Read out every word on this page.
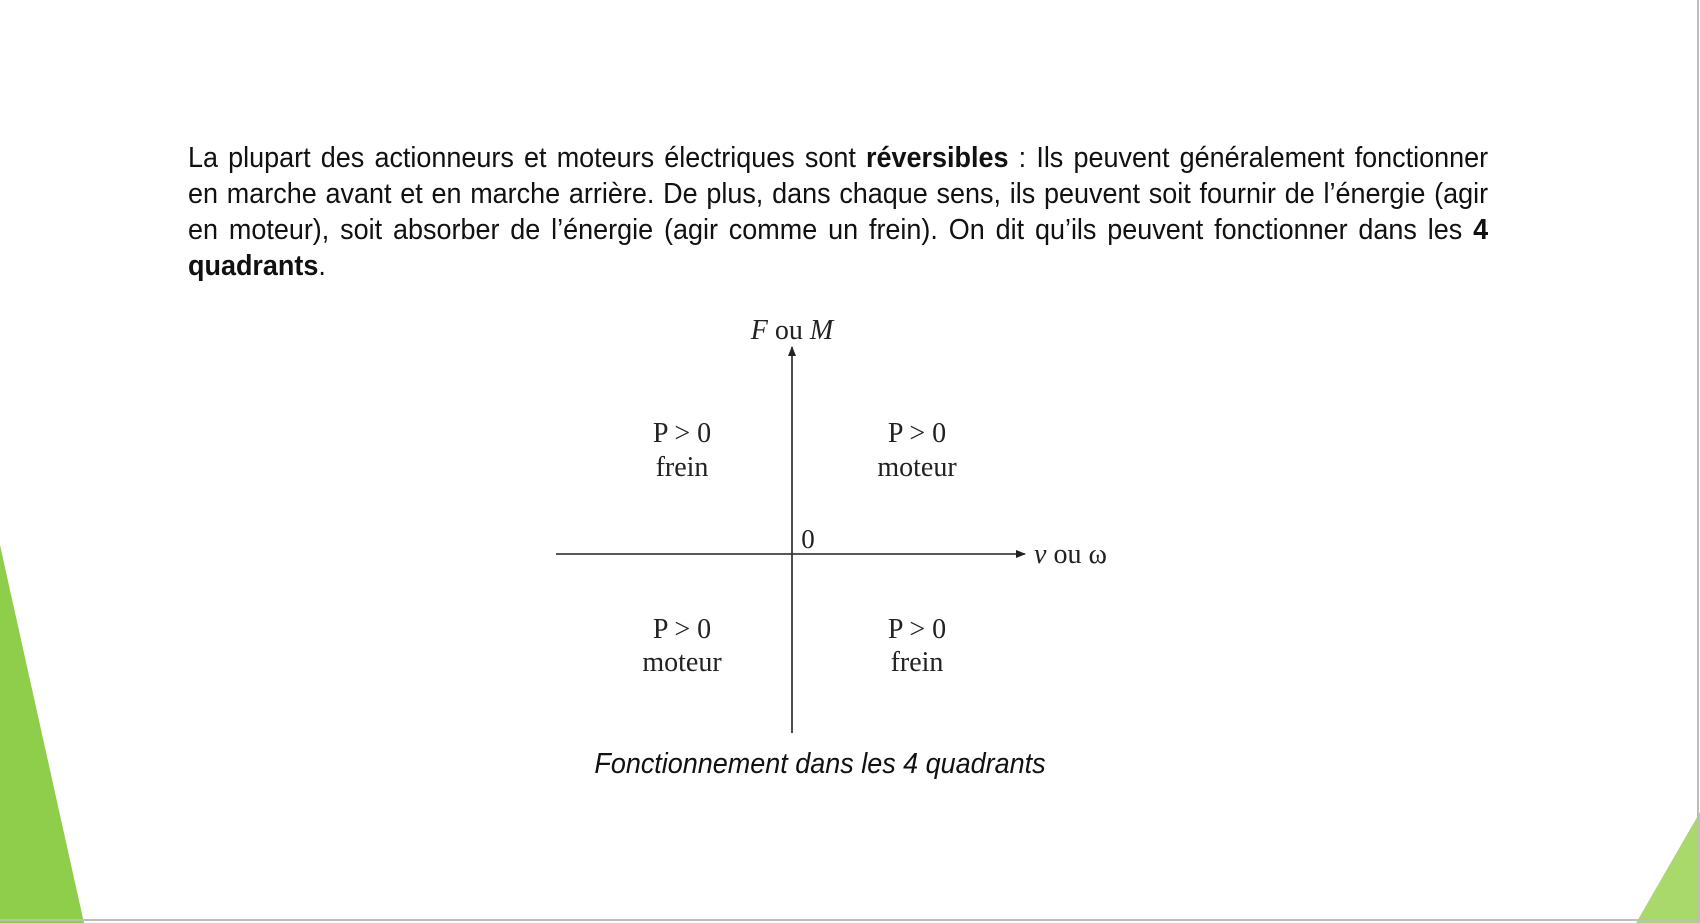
La plupart des actionneurs et moteurs électriques sont réversibles : Ils peuvent généralement fonctionner en marche avant et en marche arrière. De plus, dans chaque sens, ils peuvent soit fournir de l’énergie (agir en moteur), soit absorber de l’énergie (agir comme un frein). On dit qu’ils peuvent fonctionner dans les 4 quadrants.

F ou M
v ou ω
0
P > 0
frein
P > 0
moteur
P > 0
moteur
P > 0
frein

Fonctionnement dans les 4 quadrants
